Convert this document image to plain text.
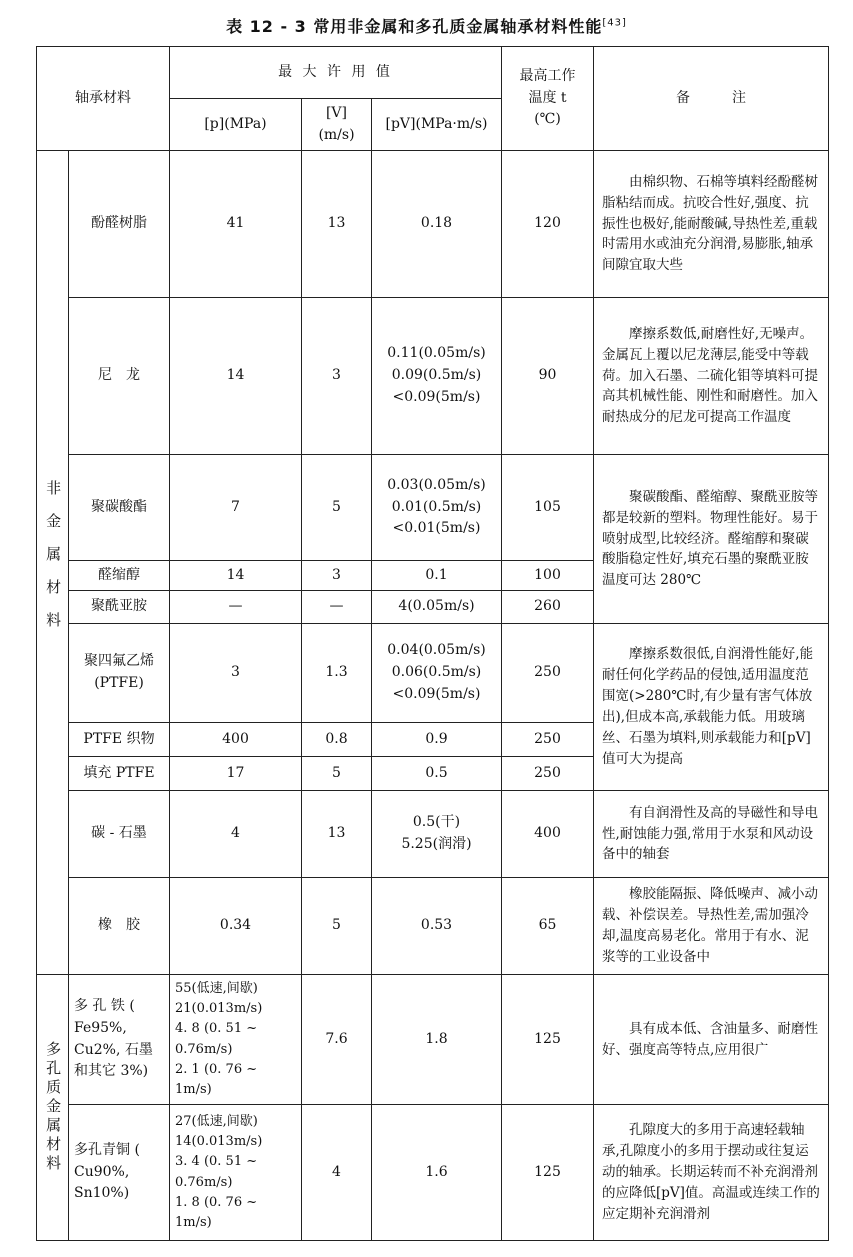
表 12 - 3 常用非金属和多孔质金属轴承材料性能[43]
轴承材料		最 大 许 用 值			最高工作
温度 t
(℃)	备　　　注
		[p](MPa)	[V]
(m/s)	[pV](MPa·m/s)		
非金属材料	酚醛树脂	41	13	0.18	120	由棉织物、石棉等填料经酚醛树脂粘结而成。抗咬合性好,强度、抗振性也极好,能耐酸碱,导热性差,重载时需用水或油充分润滑,易膨胀,轴承间隙宜取大些
	尼　龙	14	3	0.11(0.05m/s)
0.09(0.5m/s)
<0.09(5m/s)	90	摩擦系数低,耐磨性好,无噪声。金属瓦上覆以尼龙薄层,能受中等载荷。加入石墨、二硫化钼等填料可提高其机械性能、刚性和耐磨性。加入耐热成分的尼龙可提高工作温度
	聚碳酸酯	7	5	0.03(0.05m/s)
0.01(0.5m/s)
<0.01(5m/s)	105	聚碳酸酯、醛缩醇、聚酰亚胺等都是较新的塑料。物理性能好。易于喷射成型,比较经济。醛缩醇和聚碳酸脂稳定性好,填充石墨的聚酰亚胺温度可达 280℃
	醛缩醇	14	3	0.1	100	
	聚酰亚胺	—	—	4(0.05m/s)	260	
	聚四氟乙烯 (PTFE)	3	1.3	0.04(0.05m/s)
0.06(0.5m/s)
<0.09(5m/s)	250	摩擦系数很低,自润滑性能好,能耐任何化学药品的侵蚀,适用温度范围宽(>280℃时,有少量有害气体放出),但成本高,承载能力低。用玻璃丝、石墨为填料,则承载能力和[pV]值可大为提高
	PTFE 织物	400	0.8	0.9	250	
	填充 PTFE	17	5	0.5	250	
	碳 - 石墨	4	13	0.5(干)
5.25(润滑)	400	有自润滑性及高的导磁性和导电性,耐蚀能力强,常用于水泵和风动设备中的轴套
	橡　胶	0.34	5	0.53	65	橡胶能隔振、降低噪声、减小动载、补偿误差。导热性差,需加强冷却,温度高易老化。常用于有水、泥浆等的工业设备中
多孔质金属材料	多 孔 铁 ( Fe95%, Cu2%, 石墨和其它 3%)	55(低速,间歇)
21(0.013m/s)
4. 8 (0. 51 ~ 0.76m/s)
2. 1 (0. 76 ~ 1m/s)	7.6	1.8	125	具有成本低、含油量多、耐磨性好、强度高等特点,应用很广
	多孔青铜 ( Cu90%, Sn10%)	27(低速,间歇)
14(0.013m/s)
3. 4 (0. 51 ~ 0.76m/s)
1. 8 (0. 76 ~ 1m/s)	4	1.6	125	孔隙度大的多用于高速轻载轴承,孔隙度小的多用于摆动或往复运动的轴承。长期运转而不补充润滑剂的应降低[pV]值。高温或连续工作的应定期补充润滑剂
